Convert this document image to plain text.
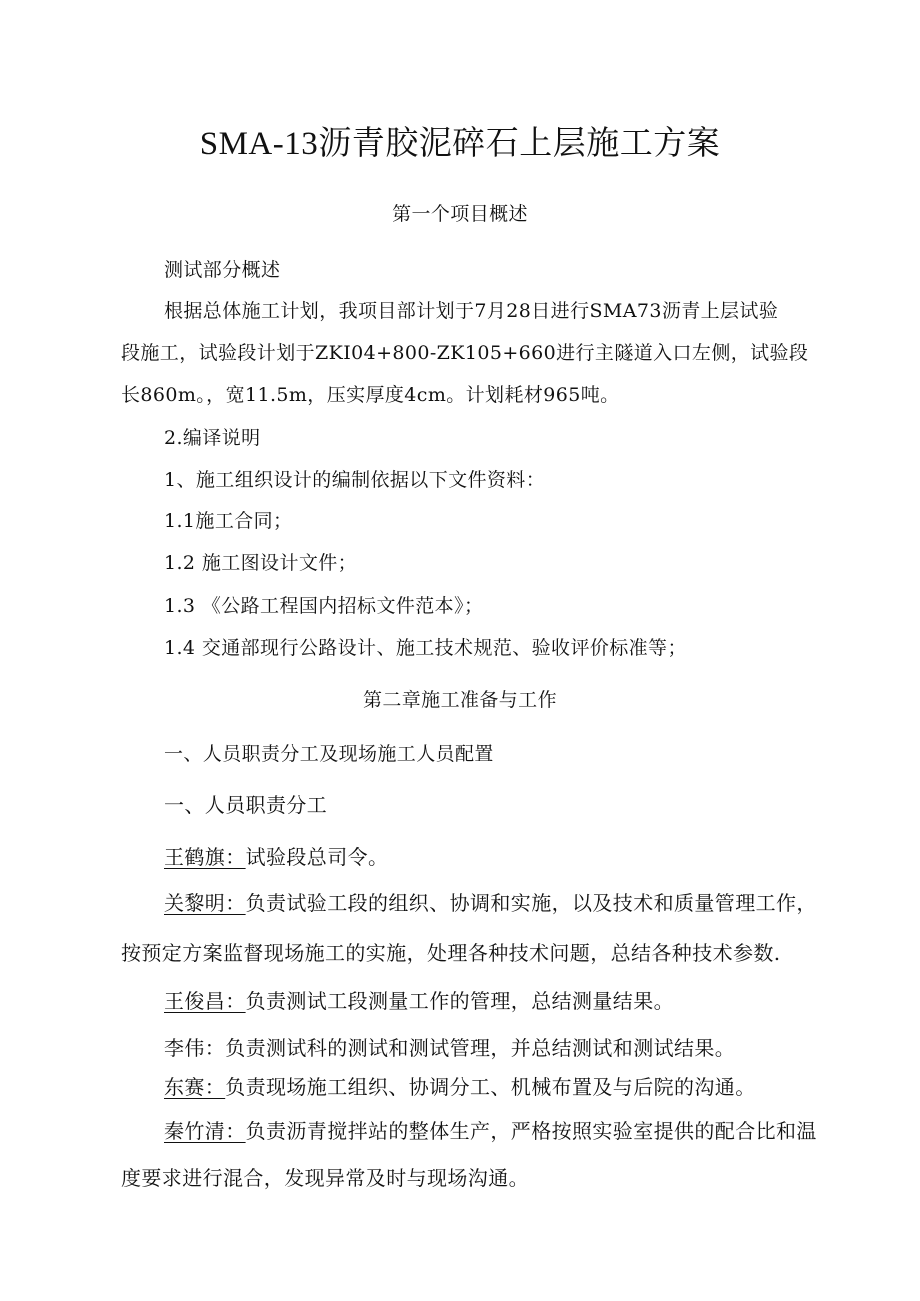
SMA-13沥青胶泥碎石上层施工方案
第一个项目概述
测试部分概述
根据总体施工计划，我项目部计划于7月28日进行SMA73沥青上层试验
段施工，试验段计划于ZKI04+800-ZK105+660进行主隧道入口左侧，试验段
长860m。，宽11.5m，压实厚度4cm。计划耗材965吨。
2.编译说明
1、施工组织设计的编制依据以下文件资料：
1.1施工合同；
1.2 施工图设计文件；
1.3 《公路工程国内招标文件范本》；
1.4 交通部现行公路设计、施工技术规范、验收评价标准等；
第二章施工准备与工作
一、人员职责分工及现场施工人员配置
一、人员职责分工
王鹤旗：试验段总司令。
关黎明：负责试验工段的组织、协调和实施，以及技术和质量管理工作，
按预定方案监督现场施工的实施，处理各种技术问题，总结各种技术参数.
王俊昌：负责测试工段测量工作的管理，总结测量结果。
李伟：负责测试科的测试和测试管理，并总结测试和测试结果。
东赛：负责现场施工组织、协调分工、机械布置及与后院的沟通。
秦竹清：负责沥青搅拌站的整体生产，严格按照实验室提供的配合比和温
度要求进行混合，发现异常及时与现场沟通。
